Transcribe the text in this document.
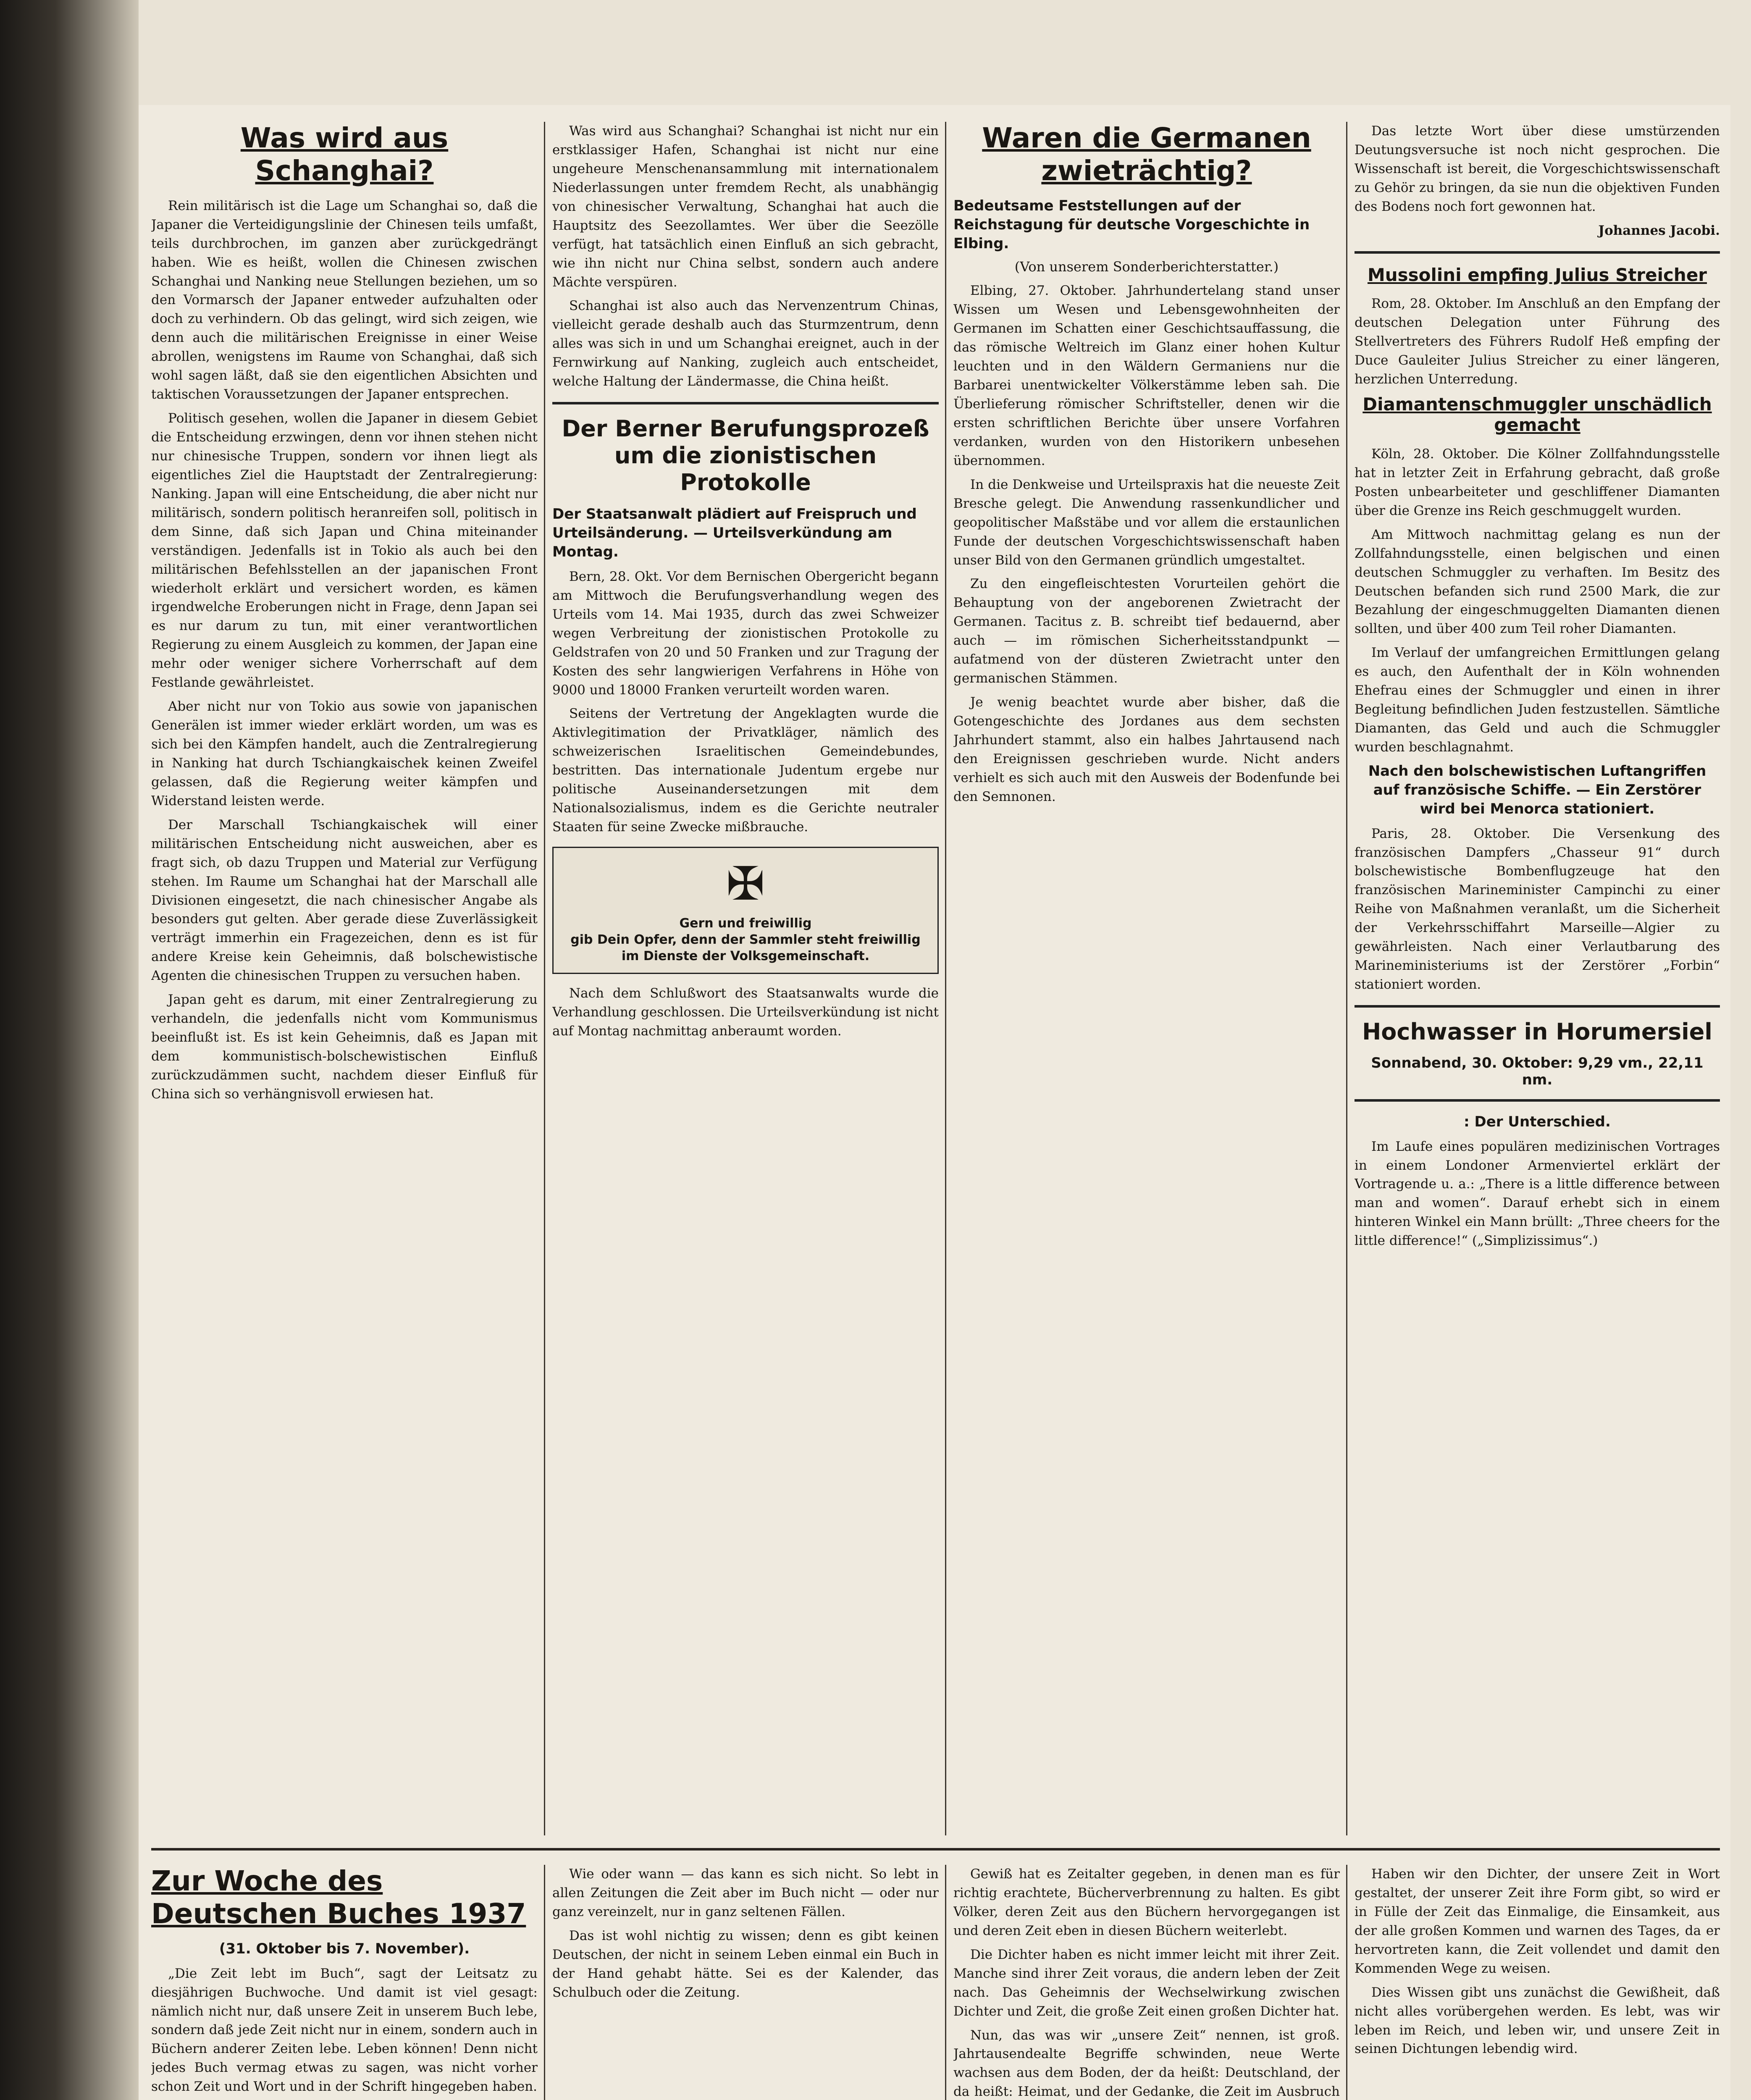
Was wird aus Schanghai?

Rein militärisch ist die Lage um Schanghai so, daß die Japaner die Verteidigungslinie der Chinesen teils umfaßt, teils durchbrochen, im ganzen aber zurückgedrängt haben. Wie es heißt, wollen die Chinesen zwischen Schanghai und Nanking neue Stellungen beziehen, um so den Vormarsch der Japaner entweder aufzuhalten oder doch zu verhindern. Ob das gelingt, wird sich zeigen, wie denn auch die militärischen Ereignisse in einer Weise abrollen, wenigstens im Raume von Schanghai, daß sich wohl sagen läßt, daß sie den eigentlichen Absichten und taktischen Voraussetzungen der Japaner entsprechen.

Politisch gesehen, wollen die Japaner in diesem Gebiet die Entscheidung erzwingen, denn vor ihnen stehen nicht nur chinesische Truppen, sondern vor ihnen liegt als eigentliches Ziel die Hauptstadt der Zentralregierung: Nanking. Japan will eine Entscheidung, die aber nicht nur militärisch, sondern politisch heranreifen soll, politisch in dem Sinne, daß sich Japan und China miteinander verständigen. Jedenfalls ist in Tokio als auch bei den militärischen Befehlsstellen an der japanischen Front wiederholt erklärt und versichert worden, es kämen irgendwelche Eroberungen nicht in Frage, denn Japan sei es nur darum zu tun, mit einer verantwortlichen Regierung zu einem Ausgleich zu kommen, der Japan eine mehr oder weniger sichere Vorherrschaft auf dem Festlande gewährleistet.

Aber nicht nur von Tokio aus sowie von japanischen Generälen ist immer wieder erklärt worden, um was es sich bei den Kämpfen handelt, auch die Zentralregierung in Nanking hat durch Tschiangkaischek keinen Zweifel gelassen, daß die Regierung weiter kämpfen und Widerstand leisten werde.

Der Marschall Tschiangkaischek will einer militärischen Entscheidung nicht ausweichen, aber es fragt sich, ob dazu Truppen und Material zur Verfügung stehen. Im Raume um Schanghai hat der Marschall alle Divisionen eingesetzt, die nach chinesischer Angabe als besonders gut gelten. Aber gerade diese Zuverlässigkeit verträgt immerhin ein Fragezeichen, denn es ist für andere Kreise kein Geheimnis, daß bolschewistische Agenten die chinesischen Truppen zu versuchen haben.

Japan geht es darum, mit einer Zentralregierung zu verhandeln, die jedenfalls nicht vom Kommunismus beeinflußt ist. Es ist kein Geheimnis, daß es Japan mit dem kommunistisch-bolschewistischen Einfluß zurückzudämmen sucht, nachdem dieser Einfluß für China sich so verhängnisvoll erwiesen hat.

Was wird aus Schanghai? Schanghai ist nicht nur ein erstklassiger Hafen, Schanghai ist nicht nur eine ungeheure Menschenansammlung mit internationalem Niederlassungen unter fremdem Recht, als unabhängig von chinesischer Verwaltung, Schanghai hat auch die Hauptsitz des Seezollamtes. Wer über die Seezölle verfügt, hat tatsächlich einen Einfluß an sich gebracht, wie ihn nicht nur China selbst, sondern auch andere Mächte verspüren.

Schanghai ist also auch das Nervenzentrum Chinas, vielleicht gerade deshalb auch das Sturmzentrum, denn alles was sich in und um Schanghai ereignet, auch in der Fernwirkung auf Nanking, zugleich auch entscheidet, welche Haltung der Ländermasse, die China heißt.

Der Berner Berufungsprozeß um die zionistischen Protokolle

Der Staatsanwalt plädiert auf Freispruch und Urteilsänderung. — Urteilsverkündung am Montag.

Bern, 28. Okt. Vor dem Bernischen Obergericht begann am Mittwoch die Berufungsverhandlung wegen des Urteils vom 14. Mai 1935, durch das zwei Schweizer wegen Verbreitung der zionistischen Protokolle zu Geldstrafen von 20 und 50 Franken und zur Tragung der Kosten des sehr langwierigen Verfahrens in Höhe von 9000 und 18000 Franken verurteilt worden waren.

Seitens der Vertretung der Angeklagten wurde die Aktivlegitimation der Privatkläger, nämlich des schweizerischen Israelitischen Gemeindebundes, bestritten. Das internationale Judentum ergebe nur politische Auseinandersetzungen mit dem Nationalsozialismus, indem es die Gerichte neutraler Staaten für seine Zwecke mißbrauche.

✠

Gern und freiwillig

gib Dein Opfer, denn der Sammler steht freiwillig im Dienste der Volksgemeinschaft.

Nach dem Schlußwort des Staatsanwalts wurde die Verhandlung geschlossen. Die Urteilsverkündung ist nicht auf Montag nachmittag anberaumt worden.

Waren die Germanen zwieträchtig?

Bedeutsame Feststellungen auf der Reichstagung für deutsche Vorgeschichte in Elbing.

(Von unserem Sonderberichterstatter.)

Elbing, 27. Oktober. Jahrhundertelang stand unser Wissen um Wesen und Lebensgewohnheiten der Germanen im Schatten einer Geschichtsauffassung, die das römische Weltreich im Glanz einer hohen Kultur leuchten und in den Wäldern Germaniens nur die Barbarei unentwickelter Völkerstämme leben sah. Die Überlieferung römischer Schriftsteller, denen wir die ersten schriftlichen Berichte über unsere Vorfahren verdanken, wurden von den Historikern unbesehen übernommen.

In die Denkweise und Urteilspraxis hat die neueste Zeit Bresche gelegt. Die Anwendung rassenkundlicher und geopolitischer Maßstäbe und vor allem die erstaunlichen Funde der deutschen Vorgeschichtswissenschaft haben unser Bild von den Germanen gründlich umgestaltet.

Zu den eingefleischtesten Vorurteilen gehört die Behauptung von der angeborenen Zwietracht der Germanen. Tacitus z. B. schreibt tief bedauernd, aber auch — im römischen Sicherheitsstandpunkt — aufatmend von der düsteren Zwietracht unter den germanischen Stämmen.

Je wenig beachtet wurde aber bisher, daß die Gotengeschichte des Jordanes aus dem sechsten Jahrhundert stammt, also ein halbes Jahrtausend nach den Ereignissen geschrieben wurde. Nicht anders verhielt es sich auch mit den Ausweis der Bodenfunde bei den Semnonen.

Das letzte Wort über diese umstürzenden Deutungsversuche ist noch nicht gesprochen. Die Wissenschaft ist bereit, die Vorgeschichtswissenschaft zu Gehör zu bringen, da sie nun die objektiven Funden des Bodens noch fort gewonnen hat.

Johannes Jacobi.

Mussolini empfing Julius Streicher

Rom, 28. Oktober. Im Anschluß an den Empfang der deutschen Delegation unter Führung des Stellvertreters des Führers Rudolf Heß empfing der Duce Gauleiter Julius Streicher zu einer längeren, herzlichen Unterredung.

Diamantenschmuggler unschädlich gemacht

Köln, 28. Oktober. Die Kölner Zollfahndungsstelle hat in letzter Zeit in Erfahrung gebracht, daß große Posten unbearbeiteter und geschliffener Diamanten über die Grenze ins Reich geschmuggelt wurden.

Am Mittwoch nachmittag gelang es nun der Zollfahndungsstelle, einen belgischen und einen deutschen Schmuggler zu verhaften. Im Besitz des Deutschen befanden sich rund 2500 Mark, die zur Bezahlung der eingeschmuggelten Diamanten dienen sollten, und über 400 zum Teil roher Diamanten.

Im Verlauf der umfangreichen Ermittlungen gelang es auch, den Aufenthalt der in Köln wohnenden Ehefrau eines der Schmuggler und einen in ihrer Begleitung befindlichen Juden festzustellen. Sämtliche Diamanten, das Geld und auch die Schmuggler wurden beschlagnahmt.

Nach den bolschewistischen Luftangriffen auf französische Schiffe. — Ein Zerstörer wird bei Menorca stationiert.

Paris, 28. Oktober. Die Versenkung des französischen Dampfers „Chasseur 91“ durch bolschewistische Bombenflugzeuge hat den französischen Marineminister Campinchi zu einer Reihe von Maßnahmen veranlaßt, um die Sicherheit der Verkehrsschiffahrt Marseille—Algier zu gewährleisten. Nach einer Verlautbarung des Marineministeriums ist der Zerstörer „Forbin“ stationiert worden.

Hochwasser in Horumersiel

Sonnabend, 30. Oktober: 9,29 vm., 22,11 nm.

: Der Unterschied.

Im Laufe eines populären medizinischen Vortrages in einem Londoner Armenviertel erklärt der Vortragende u. a.: „There is a little difference between man and women“. Darauf erhebt sich in einem hinteren Winkel ein Mann brüllt: „Three cheers for the little difference!“ („Simplizissimus“.)

Zur Woche des Deutschen Buches 1937

(31. Oktober bis 7. November).

„Die Zeit lebt im Buch“, sagt der Leitsatz zu diesjährigen Buchwoche. Und damit ist viel gesagt: nämlich nicht nur, daß unsere Zeit in unserem Buch lebe, sondern daß jede Zeit nicht nur in einem, sondern auch in Büchern anderer Zeiten lebe. Leben können! Denn nicht jedes Buch vermag etwas zu sagen, was nicht vorher schon Zeit und Wort und in der Schrift hingegeben haben.

Wie oder wann — das kann es sich nicht. So lebt in allen Zeitungen die Zeit aber im Buch nicht — oder nur ganz vereinzelt, nur in ganz seltenen Fällen.

Das ist wohl nichtig zu wissen; denn es gibt keinen Deutschen, der nicht in seinem Leben einmal ein Buch in der Hand gehabt hätte. Sei es der Kalender, das Schulbuch oder die Zeitung.

Gewiß hat es Zeitalter gegeben, in denen man es für richtig erachtete, Bücherverbrennung zu halten. Es gibt Völker, deren Zeit aus den Büchern hervorgegangen ist und deren Zeit eben in diesen Büchern weiterlebt.

Die Dichter haben es nicht immer leicht mit ihrer Zeit. Manche sind ihrer Zeit voraus, die andern leben der Zeit nach. Das Geheimnis der Wechselwirkung zwischen Dichter und Zeit, die große Zeit einen großen Dichter hat.

Nun, das was wir „unsere Zeit“ nennen, ist groß. Jahrtausendealte Begriffe schwinden, neue Werte wachsen aus dem Boden, der da heißt: Deutschland, der da heißt: Heimat, und der Gedanke, die Zeit im Ausbruch

Haben wir den Dichter, der unsere Zeit in Wort gestaltet, der unserer Zeit ihre Form gibt, so wird er in Fülle der Zeit das Einmalige, die Einsamkeit, aus der alle großen Kommen und warnen des Tages, da er hervortreten kann, die Zeit vollendet und damit den Kommenden Wege zu weisen.

Dies Wissen gibt uns zunächst die Gewißheit, daß nicht alles vorübergehen werden. Es lebt, was wir leben im Reich, und leben wir, und unsere Zeit in seinen Dichtungen lebendig wird.
